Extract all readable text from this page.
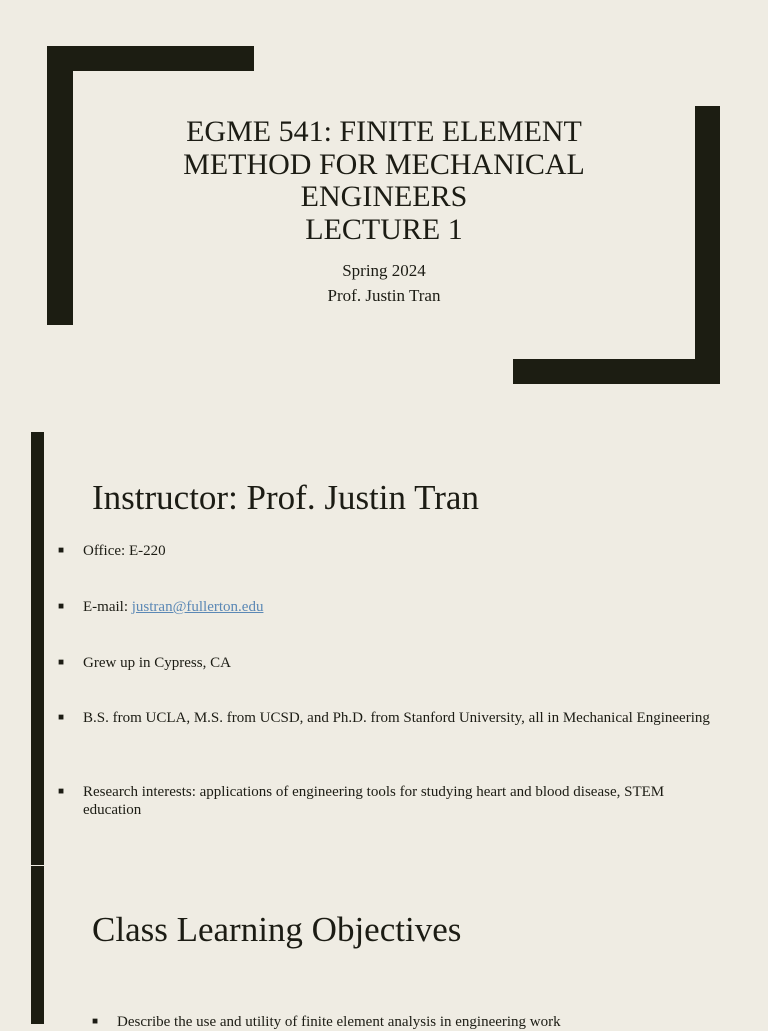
EGME 541: FINITE ELEMENT
METHOD FOR MECHANICAL
ENGINEERS
LECTURE 1
Spring 2024
Prof. Justin Tran
Instructor: Prof. Justin Tran
■	Office: E-220
■	E-mail: justran@fullerton.edu
■	Grew up in Cypress, CA
■	B.S. from UCLA, M.S. from UCSD, and Ph.D. from Stanford University, all in Mechanical Engineering
■	Research interests: applications of engineering tools for studying heart and blood disease, STEM education
Class Learning Objectives
■	Describe the use and utility of finite element analysis in engineering work
